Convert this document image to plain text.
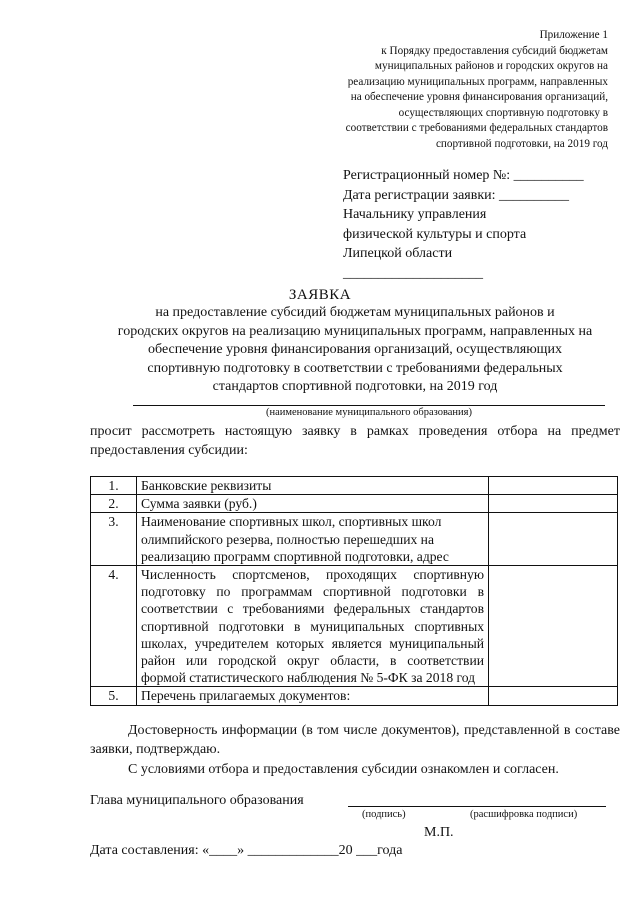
Приложение 1
к Порядку предоставления субсидий бюджетам
муниципальных районов и городских округов на
реализацию муниципальных программ, направленных
на обеспечение уровня финансирования организаций,
осуществляющих спортивную подготовку в
соответствии с требованиями федеральных стандартов
спортивной подготовки, на 2019 год
Регистрационный номер №: __________
Дата регистрации заявки: __________
Начальнику управления
физической культуры и спорта
Липецкой области
____________________
ЗАЯВКА
на предоставление субсидий бюджетам муниципальных районов и
городских округов на реализацию муниципальных программ, направленных на
обеспечение уровня финансирования организаций, осуществляющих
спортивную подготовку в соответствии с требованиями федеральных
стандартов спортивной подготовки, на 2019 год
(наименование муниципального образования)
просит рассмотреть настоящую заявку в рамках проведения отбора на предмет предоставления субсидии:
1.	Банковские реквизиты	
2.	Сумма заявки (руб.)	
3.	Наименование спортивных школ, спортивных школ олимпийского резерва, полностью перешедших на реализацию программ спортивной подготовки, адрес	
4.	Численность спортсменов, проходящих спортивную подготовку по программам спортивной подготовки в соответствии с требованиями федеральных стандартов спортивной подготовки в муниципальных спортивных школах, учредителем которых является муниципальный район или городской округ области, в соответствии формой статистического наблюдения № 5-ФК за 2018 год	
5.	Перечень прилагаемых документов:	

Достоверность информации (в том числе документов), представленной в составе заявки, подтверждаю.

С условиями отбора и предоставления субсидии ознакомлен и согласен.

Глава муниципального образования
(подпись)	(расшифровка подписи)
М.П.
Дата составления: «____» _____________20 ___года
